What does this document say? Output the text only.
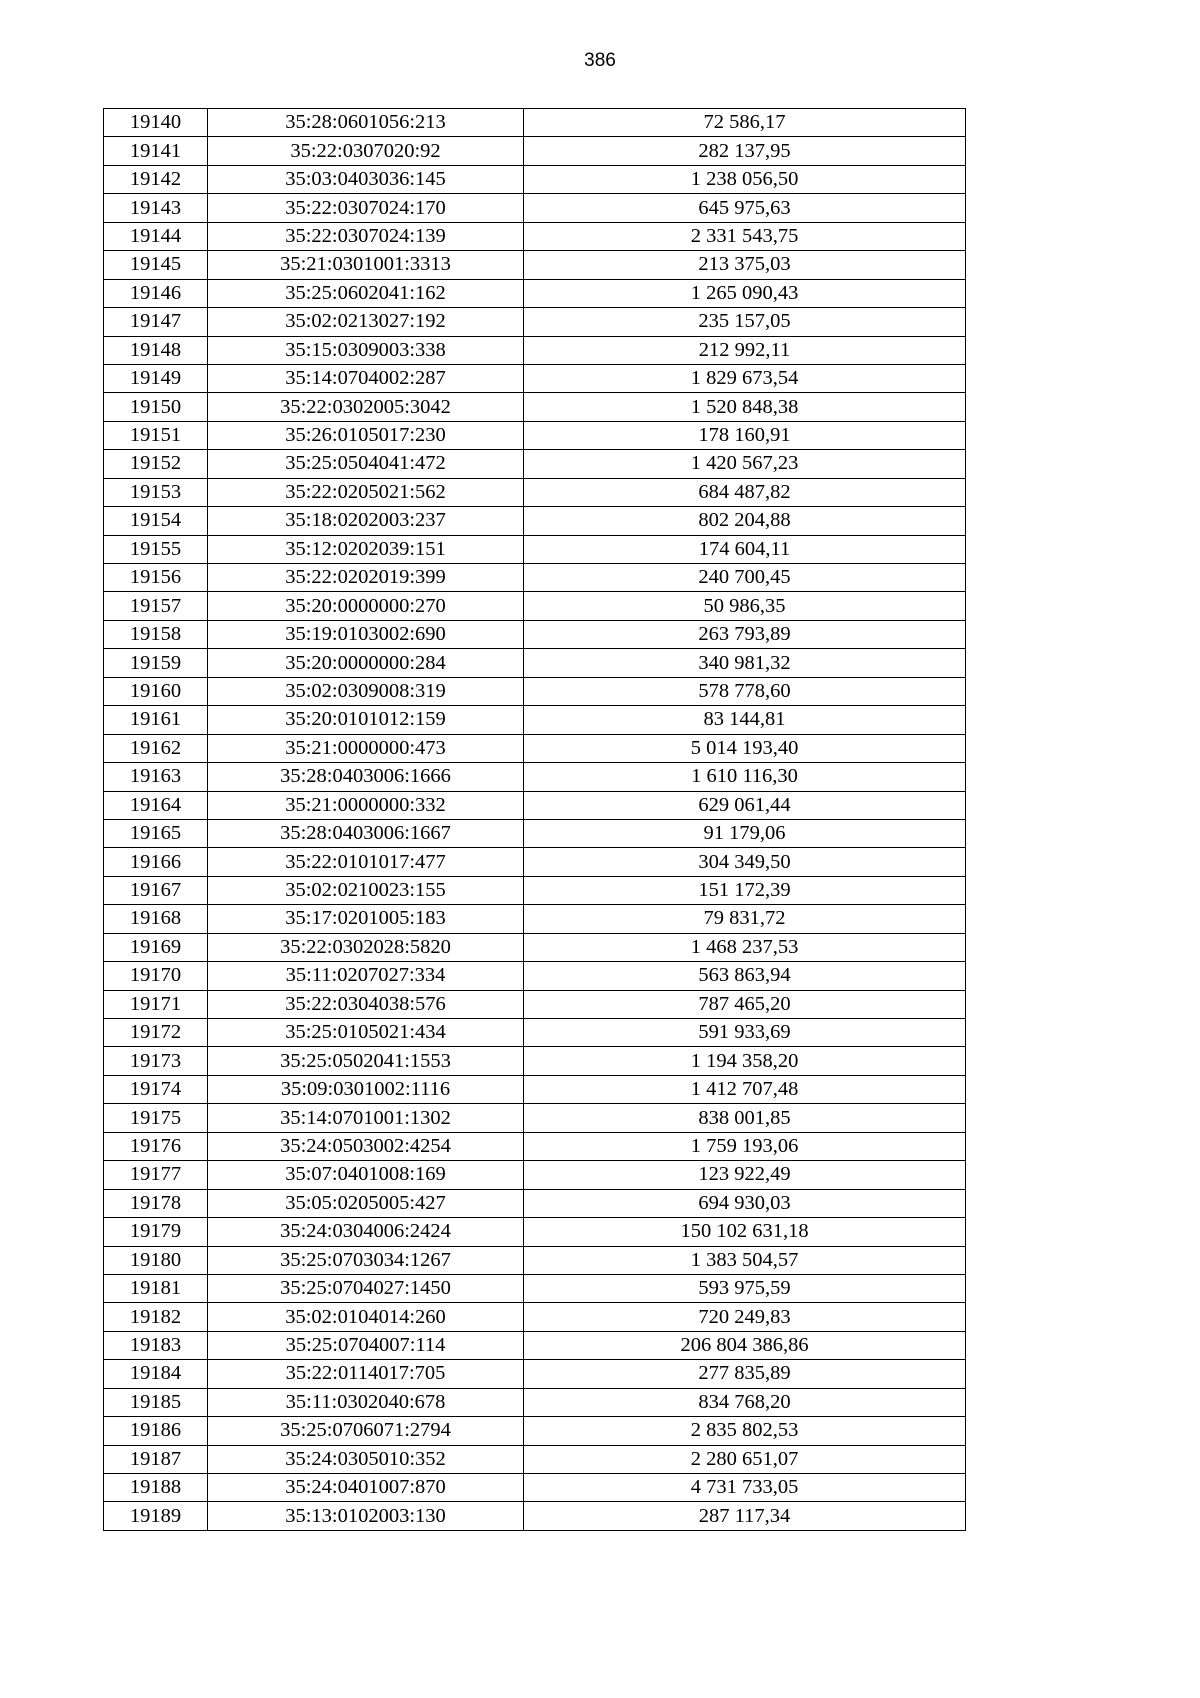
386
19140	35:28:0601056:213	72 586,17
19141	35:22:0307020:92	282 137,95
19142	35:03:0403036:145	1 238 056,50
19143	35:22:0307024:170	645 975,63
19144	35:22:0307024:139	2 331 543,75
19145	35:21:0301001:3313	213 375,03
19146	35:25:0602041:162	1 265 090,43
19147	35:02:0213027:192	235 157,05
19148	35:15:0309003:338	212 992,11
19149	35:14:0704002:287	1 829 673,54
19150	35:22:0302005:3042	1 520 848,38
19151	35:26:0105017:230	178 160,91
19152	35:25:0504041:472	1 420 567,23
19153	35:22:0205021:562	684 487,82
19154	35:18:0202003:237	802 204,88
19155	35:12:0202039:151	174 604,11
19156	35:22:0202019:399	240 700,45
19157	35:20:0000000:270	50 986,35
19158	35:19:0103002:690	263 793,89
19159	35:20:0000000:284	340 981,32
19160	35:02:0309008:319	578 778,60
19161	35:20:0101012:159	83 144,81
19162	35:21:0000000:473	5 014 193,40
19163	35:28:0403006:1666	1 610 116,30
19164	35:21:0000000:332	629 061,44
19165	35:28:0403006:1667	91 179,06
19166	35:22:0101017:477	304 349,50
19167	35:02:0210023:155	151 172,39
19168	35:17:0201005:183	79 831,72
19169	35:22:0302028:5820	1 468 237,53
19170	35:11:0207027:334	563 863,94
19171	35:22:0304038:576	787 465,20
19172	35:25:0105021:434	591 933,69
19173	35:25:0502041:1553	1 194 358,20
19174	35:09:0301002:1116	1 412 707,48
19175	35:14:0701001:1302	838 001,85
19176	35:24:0503002:4254	1 759 193,06
19177	35:07:0401008:169	123 922,49
19178	35:05:0205005:427	694 930,03
19179	35:24:0304006:2424	150 102 631,18
19180	35:25:0703034:1267	1 383 504,57
19181	35:25:0704027:1450	593 975,59
19182	35:02:0104014:260	720 249,83
19183	35:25:0704007:114	206 804 386,86
19184	35:22:0114017:705	277 835,89
19185	35:11:0302040:678	834 768,20
19186	35:25:0706071:2794	2 835 802,53
19187	35:24:0305010:352	2 280 651,07
19188	35:24:0401007:870	4 731 733,05
19189	35:13:0102003:130	287 117,34
